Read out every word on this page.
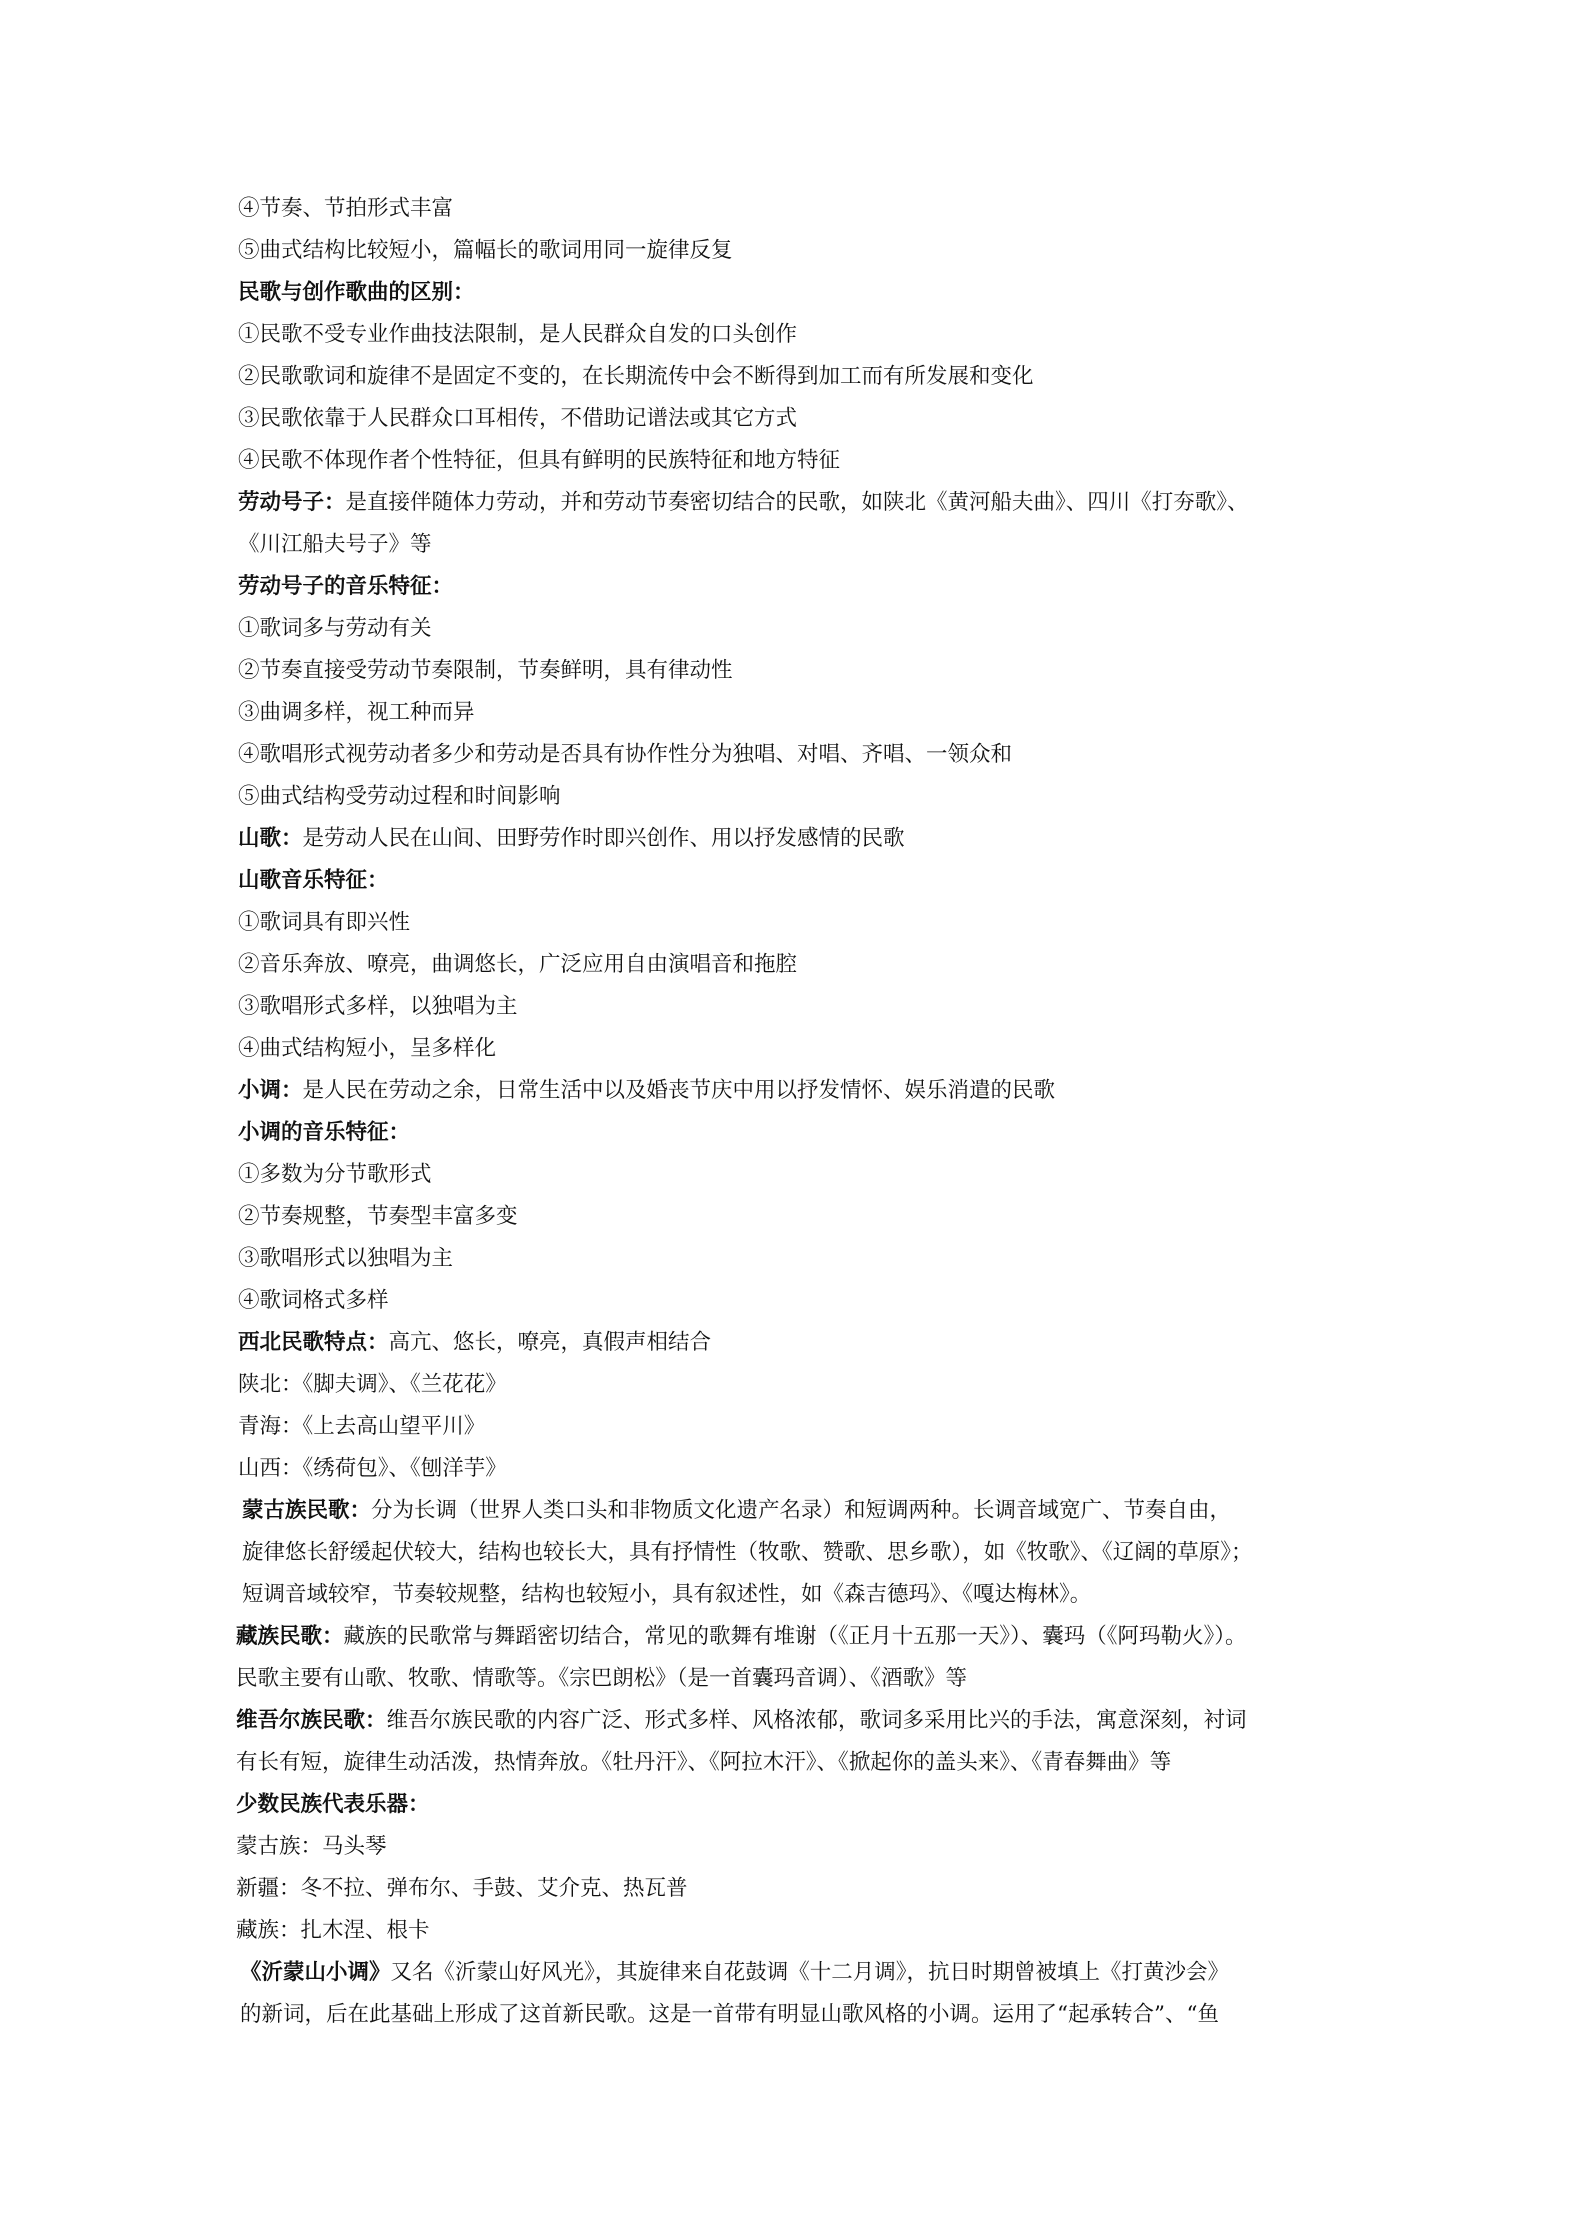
④节奏、节拍形式丰富
⑤曲式结构比较短小，篇幅长的歌词用同一旋律反复
民歌与创作歌曲的区别：
①民歌不受专业作曲技法限制，是人民群众自发的口头创作
②民歌歌词和旋律不是固定不变的，在长期流传中会不断得到加工而有所发展和变化
③民歌依靠于人民群众口耳相传，不借助记谱法或其它方式
④民歌不体现作者个性特征，但具有鲜明的民族特征和地方特征
劳动号子：是直接伴随体力劳动，并和劳动节奏密切结合的民歌，如陕北《黄河船夫曲》、四川《打夯歌》、
《川江船夫号子》等
劳动号子的音乐特征：
①歌词多与劳动有关
②节奏直接受劳动节奏限制，节奏鲜明，具有律动性
③曲调多样，视工种而异
④歌唱形式视劳动者多少和劳动是否具有协作性分为独唱、对唱、齐唱、一领众和
⑤曲式结构受劳动过程和时间影响
山歌：是劳动人民在山间、田野劳作时即兴创作、用以抒发感情的民歌
山歌音乐特征：
①歌词具有即兴性
②音乐奔放、嘹亮，曲调悠长，广泛应用自由演唱音和拖腔
③歌唱形式多样，以独唱为主
④曲式结构短小，呈多样化
小调：是人民在劳动之余，日常生活中以及婚丧节庆中用以抒发情怀、娱乐消遣的民歌
小调的音乐特征：
①多数为分节歌形式
②节奏规整，节奏型丰富多变
③歌唱形式以独唱为主
④歌词格式多样
西北民歌特点：高亢、悠长，嘹亮，真假声相结合
陕北：《脚夫调》、《兰花花》
青海：《上去高山望平川》
山西：《绣荷包》、《刨洋芋》
蒙古族民歌：分为长调（世界人类口头和非物质文化遗产名录）和短调两种。长调音域宽广、节奏自由，
旋律悠长舒缓起伏较大，结构也较长大，具有抒情性（牧歌、赞歌、思乡歌），如《牧歌》、《辽阔的草原》；
短调音域较窄，节奏较规整，结构也较短小，具有叙述性，如《森吉德玛》、《嘎达梅林》。
藏族民歌：藏族的民歌常与舞蹈密切结合，常见的歌舞有堆谢（《正月十五那一天》）、囊玛（《阿玛勒火》）。
民歌主要有山歌、牧歌、情歌等。《宗巴朗松》（是一首囊玛音调）、《酒歌》等
维吾尔族民歌：维吾尔族民歌的内容广泛、形式多样、风格浓郁，歌词多采用比兴的手法，寓意深刻，衬词
有长有短，旋律生动活泼，热情奔放。《牡丹汗》、《阿拉木汗》、《掀起你的盖头来》、《青春舞曲》等
少数民族代表乐器：
蒙古族：马头琴
新疆：冬不拉、弹布尔、手鼓、艾介克、热瓦普
藏族：扎木涅、根卡
《沂蒙山小调》又名《沂蒙山好风光》，其旋律来自花鼓调《十二月调》，抗日时期曾被填上《打黄沙会》
的新词，后在此基础上形成了这首新民歌。这是一首带有明显山歌风格的小调。运用了“起承转合”、“鱼
